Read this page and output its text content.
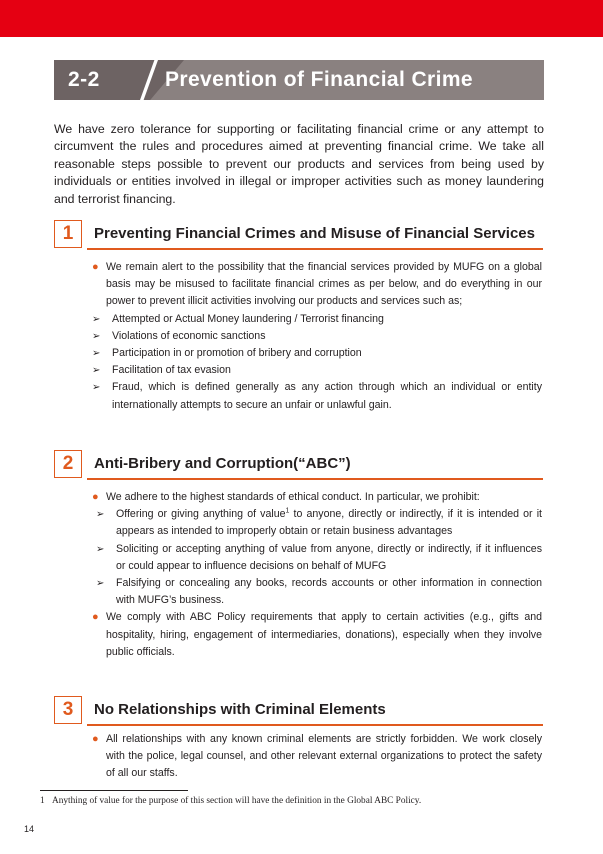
2-2	Prevention of Financial Crime

We have zero tolerance for supporting or facilitating financial crime or any attempt to circumvent the rules and procedures aimed at preventing financial crime. We take all reasonable steps possible to prevent our products and services from being used by individuals or entities involved in illegal or improper activities such as money laundering and terrorist financing.

1	Preventing Financial Crimes and Misuse of Financial Services
● We remain alert to the possibility that the financial services provided by MUFG on a global basis may be misused to facilitate financial crimes as per below, and do everything in our power to prevent illicit activities involving our products and services such as;
➢ Attempted or Actual Money laundering / Terrorist financing
➢ Violations of economic sanctions
➢ Participation in or promotion of bribery and corruption
➢ Facilitation of tax evasion
➢ Fraud, which is defined generally as any action through which an individual or entity internationally attempts to secure an unfair or unlawful gain.
2	Anti-Bribery and Corruption(“ABC”)
● We adhere to the highest standards of ethical conduct. In particular, we prohibit:
➢ Offering or giving anything of value$^1$ to anyone, directly or indirectly, if it is intended or it appears as intended to improperly obtain or retain business advantages
➢ Soliciting or accepting anything of value from anyone, directly or indirectly, if it influences or could appear to influence decisions on behalf of MUFG
➢ Falsifying or concealing any books, records accounts or other information in connection with MUFG’s business.
● We comply with ABC Policy requirements that apply to certain activities (e.g., gifts and hospitality, hiring, engagement of intermediaries, donations), especially when they involve public officials.
3	No Relationships with Criminal Elements
● All relationships with any known criminal elements are strictly forbidden. We work closely with the police, legal counsel, and other relevant external organizations to protect the safety of all our staffs.
1 Anything of value for the purpose of this section will have the definition in the Global ABC Policy.
14
